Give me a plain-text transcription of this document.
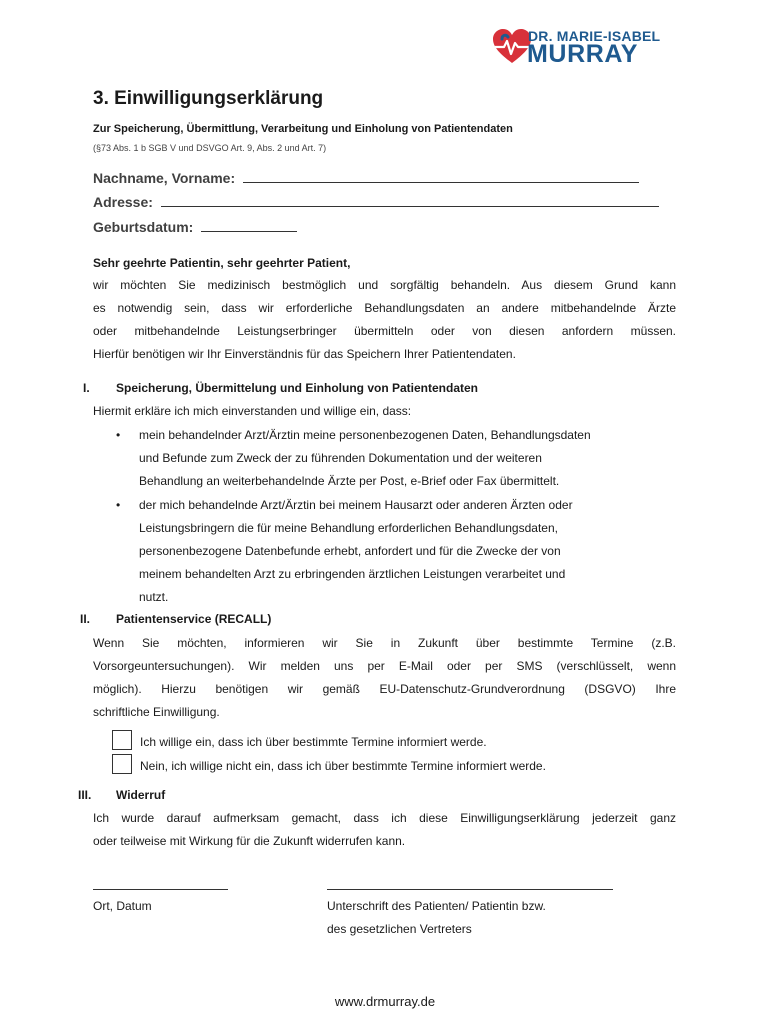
DR. MARIE-ISABEL
MURRAY
3. Einwilligungserklärung
Zur Speicherung, Übermittlung, Verarbeitung und Einholung von Patientendaten
(§73 Abs. 1 b SGB V und DSVGO Art. 9, Abs. 2 und Art. 7)
Nachname, Vorname:
Adresse:
Geburtsdatum:
Sehr geehrte Patientin, sehr geehrter Patient,
wir möchten Sie medizinisch bestmöglich und sorgfältig behandeln. Aus diesem Grund kann
es notwendig sein, dass wir erforderliche Behandlungsdaten an andere mitbehandelnde Ärzte
oder mitbehandelnde Leistungserbringer übermitteln oder von diesen anfordern müssen.
Hierfür benötigen wir Ihr Einverständnis für das Speichern Ihrer Patientendaten.
I. Speicherung, Übermittelung und Einholung von Patientendaten
Hiermit erkläre ich mich einverstanden und willige ein, dass:
• mein behandelnder Arzt/Ärztin meine personenbezogenen Daten, Behandlungsdaten
und Befunde zum Zweck der zu führenden Dokumentation und der weiteren
Behandlung an weiterbehandelnde Ärzte per Post, e-Brief oder Fax übermittelt.
• der mich behandelnde Arzt/Ärztin bei meinem Hausarzt oder anderen Ärzten oder
Leistungsbringern die für meine Behandlung erforderlichen Behandlungsdaten,
personenbezogene Datenbefunde erhebt, anfordert und für die Zwecke der von
meinem behandelten Arzt zu erbringenden ärztlichen Leistungen verarbeitet und
nutzt.
II. Patientenservice (RECALL)
Wenn Sie möchten, informieren wir Sie in Zukunft über bestimmte Termine (z.B.
Vorsorgeuntersuchungen). Wir melden uns per E-Mail oder per SMS (verschlüsselt, wenn
möglich). Hierzu benötigen wir gemäß EU-Datenschutz-Grundverordnung (DSGVO) Ihre
schriftliche Einwilligung.
Ich willige ein, dass ich über bestimmte Termine informiert werde.
Nein, ich willige nicht ein, dass ich über bestimmte Termine informiert werde.
III. Widerruf
Ich wurde darauf aufmerksam gemacht, dass ich diese Einwilligungserklärung jederzeit ganz
oder teilweise mit Wirkung für die Zukunft widerrufen kann.
Ort, Datum	Unterschrift des Patienten/ Patientin bzw.
des gesetzlichen Vertreters
www.drmurray.de
